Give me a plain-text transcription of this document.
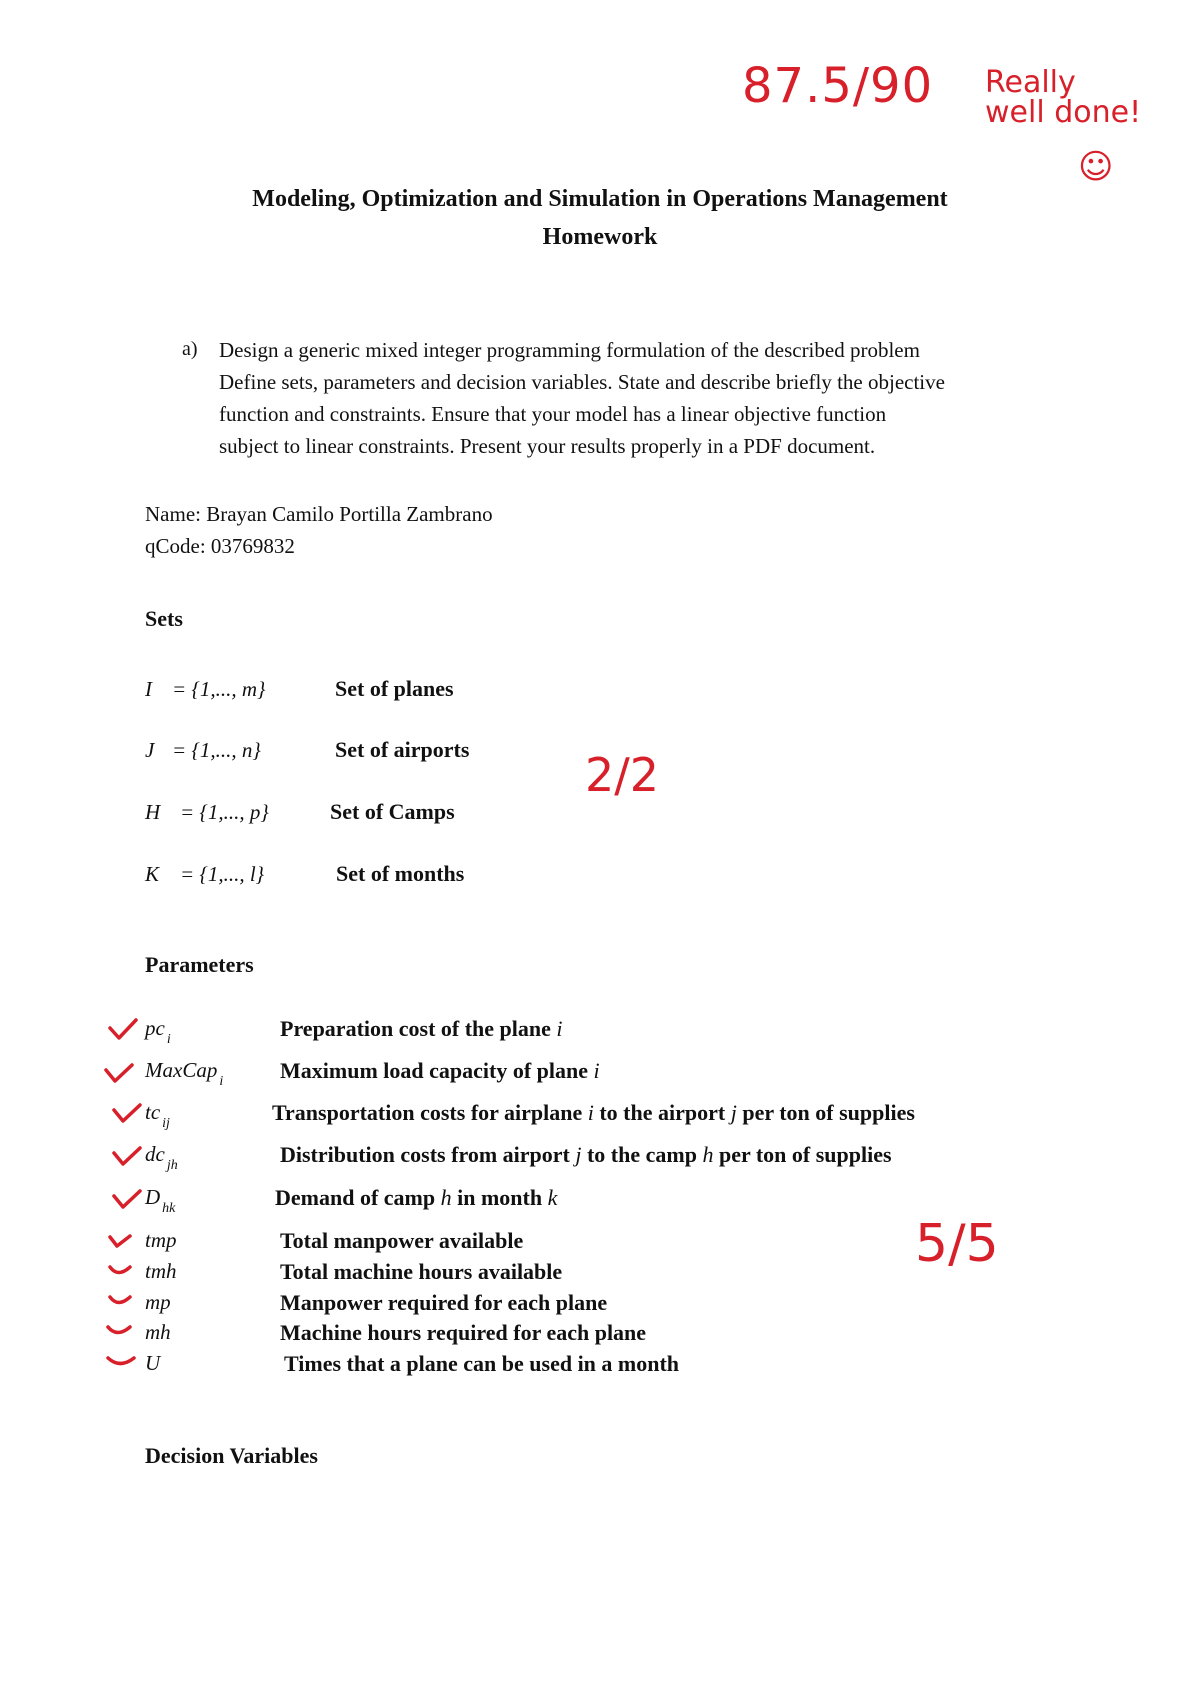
87.5/90 Really
well done!
☺
2/2
5/5
Modeling, Optimization and Simulation in Operations Management
Homework
a) Design a generic mixed integer programming formulation of the described problem
Define sets, parameters and decision variables. State and describe briefly the objective
function and constraints. Ensure that your model has a linear objective function
subject to linear constraints. Present your results properly in a PDF document.
Name: Brayan Camilo Portilla Zambrano
qCode: 03769832
Sets
I = {1,..., m}	Set of planes
J = {1,..., n}	Set of airports
H = {1,..., p}	Set of Camps
K = {1,..., l}	Set of months
Parameters
pc $_i$	Preparation cost of the plane i
MaxCap $_i$	Maximum load capacity of plane i
tc $_{ij}$	Transportation costs for airplane i to the airport j per ton of supplies
dc $_{jh}$	Distribution costs from airport j to the camp h per ton of supplies
D $_{hk}$	Demand of camp h in month k
tmp	Total manpower available
tmh	Total machine hours available
mp	Manpower required for each plane
mh	Machine hours required for each plane
U	Times that a plane can be used in a month
Decision Variables
